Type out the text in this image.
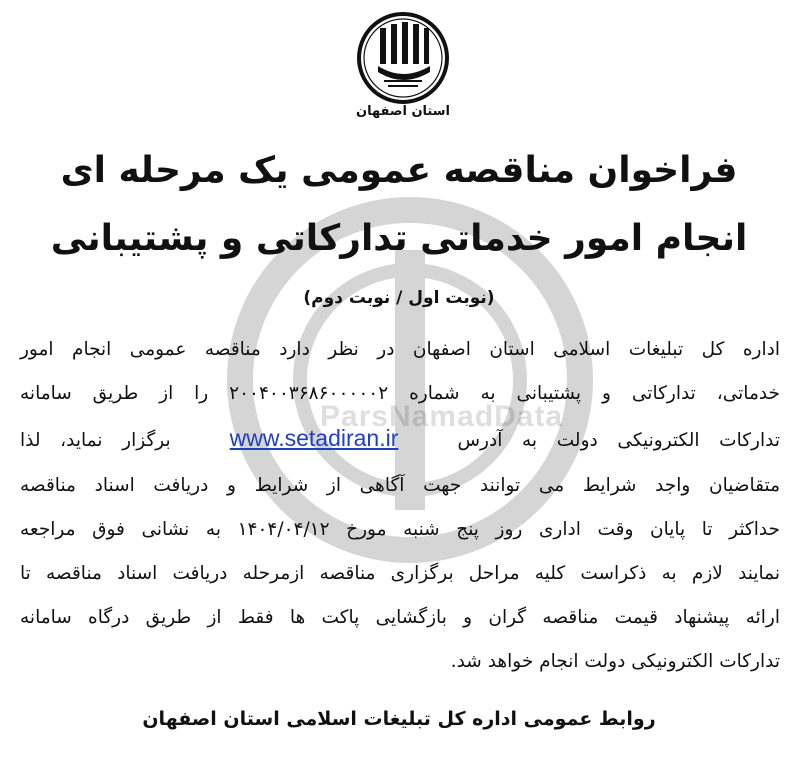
ParsNamadData
استان اصفهان
فراخوان مناقصه عمومی یک مرحله ای
انجام امور خدماتی تدارکاتی و پشتیبانی
(نوبت اول / نوبت دوم)
اداره کل تبلیغات اسلامی استان اصفهان در نظر دارد مناقصه عمومی انجام امور
خدماتی، تدارکاتی و پشتیبانی به شماره ۲۰۰۴۰۰۳۶۸۶۰۰۰۰۰۲ را از طریق سامانه
تدارکات الکترونیکی دولت به آدرس   www.setadiran.ir   برگزار نماید، لذا
متقاضیان واجد شرایط می توانند جهت آگاهی از شرایط و دریافت اسناد مناقصه
حداکثر تا پایان وقت اداری روز پنج شنبه مورخ ۱۴۰۴/۰۴/۱۲ به نشانی فوق مراجعه
نمایند لازم به ذکراست کلیه مراحل برگزاری مناقصه ازمرحله دریافت اسناد مناقصه تا
ارائه پیشنهاد قیمت مناقصه گران و بازگشایی پاکت ها فقط از طریق درگاه سامانه
تدارکات الکترونیکی دولت انجام خواهد شد.
روابط عمومی اداره کل تبلیغات اسلامی استان اصفهان
